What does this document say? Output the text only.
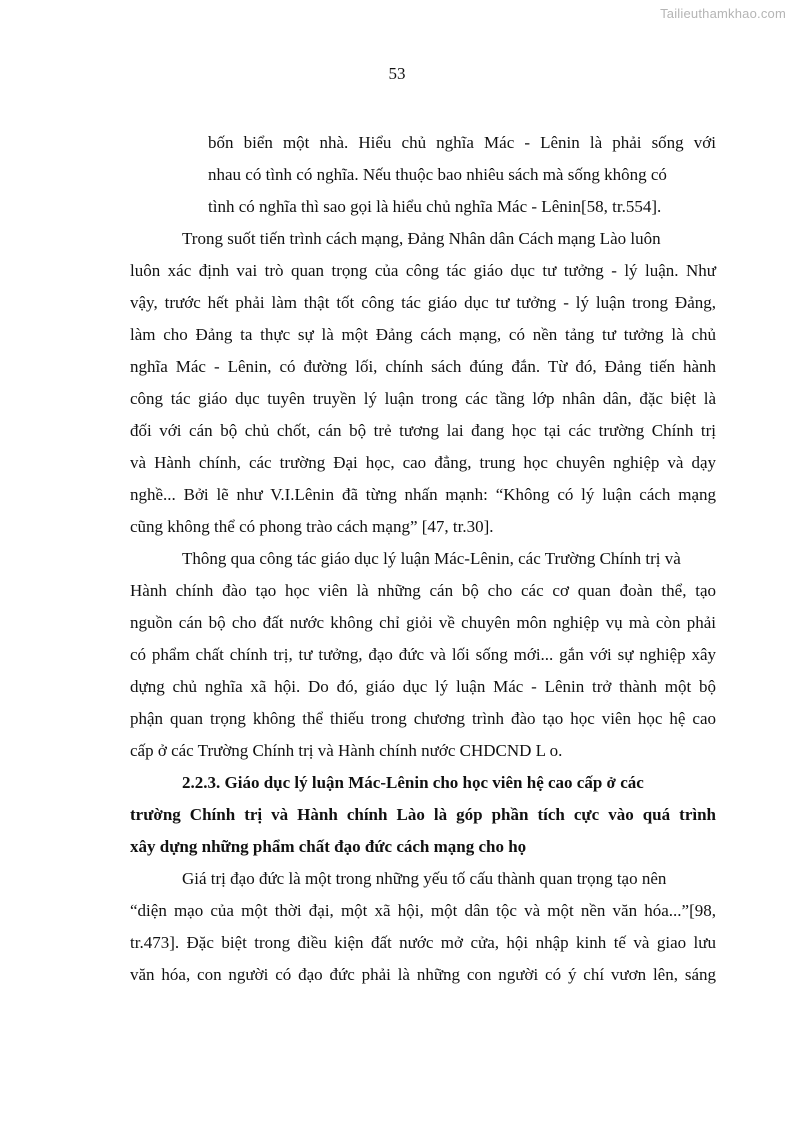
Tailieuthamkhao.com
53
bốn biển một nhà. Hiểu chủ nghĩa Mác - Lênin là phải sống với
nhau có tình có nghĩa. Nếu thuộc bao nhiêu sách mà sống không có
tình có nghĩa thì sao gọi là hiểu chủ nghĩa Mác - Lênin[58, tr.554].
Trong suốt tiến trình cách mạng, Đảng Nhân dân Cách mạng Lào luôn
luôn xác định vai trò quan trọng của công tác giáo dục tư tưởng - lý luận. Như
vậy, trước hết phải làm thật tốt công tác giáo dục tư tưởng - lý luận trong Đảng,
làm cho Đảng ta thực sự là một Đảng cách mạng, có nền tảng tư tưởng là chủ
nghĩa Mác - Lênin, có đường lối, chính sách đúng đắn. Từ đó, Đảng tiến hành
công tác giáo dục tuyên truyền lý luận trong các tầng lớp nhân dân, đặc biệt là
đối với cán bộ chủ chốt, cán bộ trẻ tương lai đang học tại các trường Chính trị
và Hành chính, các trường Đại học, cao đẳng, trung học chuyên nghiệp và dạy
nghề... Bởi lẽ như V.I.Lênin đã từng nhấn mạnh: “Không có lý luận cách mạng
cũng không thể có phong trào cách mạng” [47, tr.30].
Thông qua công tác giáo dục lý luận Mác-Lênin, các Trường Chính trị và
Hành chính đào tạo học viên là những cán bộ cho các cơ quan đoàn thể, tạo
nguồn cán bộ cho đất nước không chỉ giỏi về chuyên môn nghiệp vụ mà còn phải
có phẩm chất chính trị, tư tưởng, đạo đức và lối sống mới... gắn với sự nghiệp xây
dựng chủ nghĩa xã hội. Do đó, giáo dục lý luận Mác - Lênin trở thành một bộ
phận quan trọng không thể thiếu trong chương trình đào tạo học viên học hệ cao
cấp ở các Trường Chính trị và Hành chính nước CHDCND L o.
2.2.3. Giáo dục lý luận Mác-Lênin cho học viên hệ cao cấp ở các
trường Chính trị và Hành chính Lào là góp phần tích cực vào quá trình
xây dựng những phẩm chất đạo đức cách mạng cho họ
Giá trị đạo đức là một trong những yếu tố cấu thành quan trọng tạo nên
“diện mạo của một thời đại, một xã hội, một dân tộc và một nền văn hóa...”[98,
tr.473]. Đặc biệt trong điều kiện đất nước mở cửa, hội nhập kinh tế và giao lưu
văn hóa, con người có đạo đức phải là những con người có ý chí vươn lên, sáng
